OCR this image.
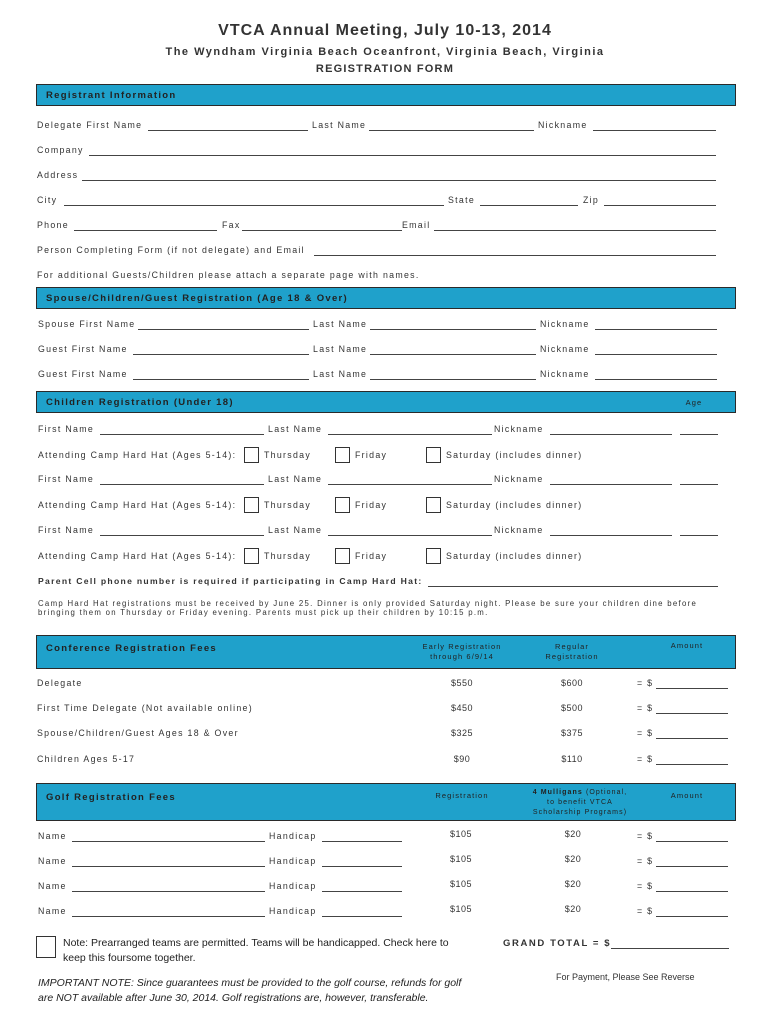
VTCA Annual Meeting, July 10-13, 2014
The Wyndham Virginia Beach Oceanfront, Virginia Beach, Virginia
REGISTRATION FORM
Registrant Information
Delegate First Name	Last Name	Nickname
Company
Address
City	State	Zip
Phone	Fax	Email
Person Completing Form (if not delegate) and Email
For additional Guests/Children please attach a separate page with names.
Spouse/Children/Guest Registration (Age 18 & Over)
Spouse First Name	Last Name	Nickname
Guest First Name	Last Name	Nickname
Guest First Name	Last Name	Nickname
Children Registration (Under 18)	Age
First Name	Last Name	Nickname
Attending Camp Hard Hat (Ages 5-14):	Thursday	Friday	Saturday (includes dinner)
First Name	Last Name	Nickname
Attending Camp Hard Hat (Ages 5-14):	Thursday	Friday	Saturday (includes dinner)
First Name	Last Name	Nickname
Attending Camp Hard Hat (Ages 5-14):	Thursday	Friday	Saturday (includes dinner)
Parent Cell phone number is required if participating in Camp Hard Hat:
Camp Hard Hat registrations must be received by June 25. Dinner is only provided Saturday night. Please be sure your children dine before
bringing them on Thursday or Friday evening. Parents must pick up their children by 10:15 p.m.
Conference Registration Fees	Early Registration
through 6/9/14
Regular
Registration
Amount
Delegate	$550	$600	= $
First Time Delegate (Not available online)	$450	$500	= $
Spouse/Children/Guest Ages 18 & Over	$325	$375	= $
Children Ages 5-17	$90	$110	= $
Golf Registration Fees	Registration	4 Mulligans (Optional,
to benefit VTCA
Scholarship Programs)
Amount
Name	Handicap	$105	$20	= $
Name	Handicap	$105	$20	= $
Name	Handicap	$105	$20	= $
Name	Handicap	$105	$20	= $
Note: Prearranged teams are permitted. Teams will be handicapped. Check here to
keep this foursome together.
GRAND TOTAL = $
For Payment, Please See Reverse
IMPORTANT NOTE: Since guarantees must be provided to the golf course, refunds for golf
are NOT available after June 30, 2014. Golf registrations are, however, transferable.
